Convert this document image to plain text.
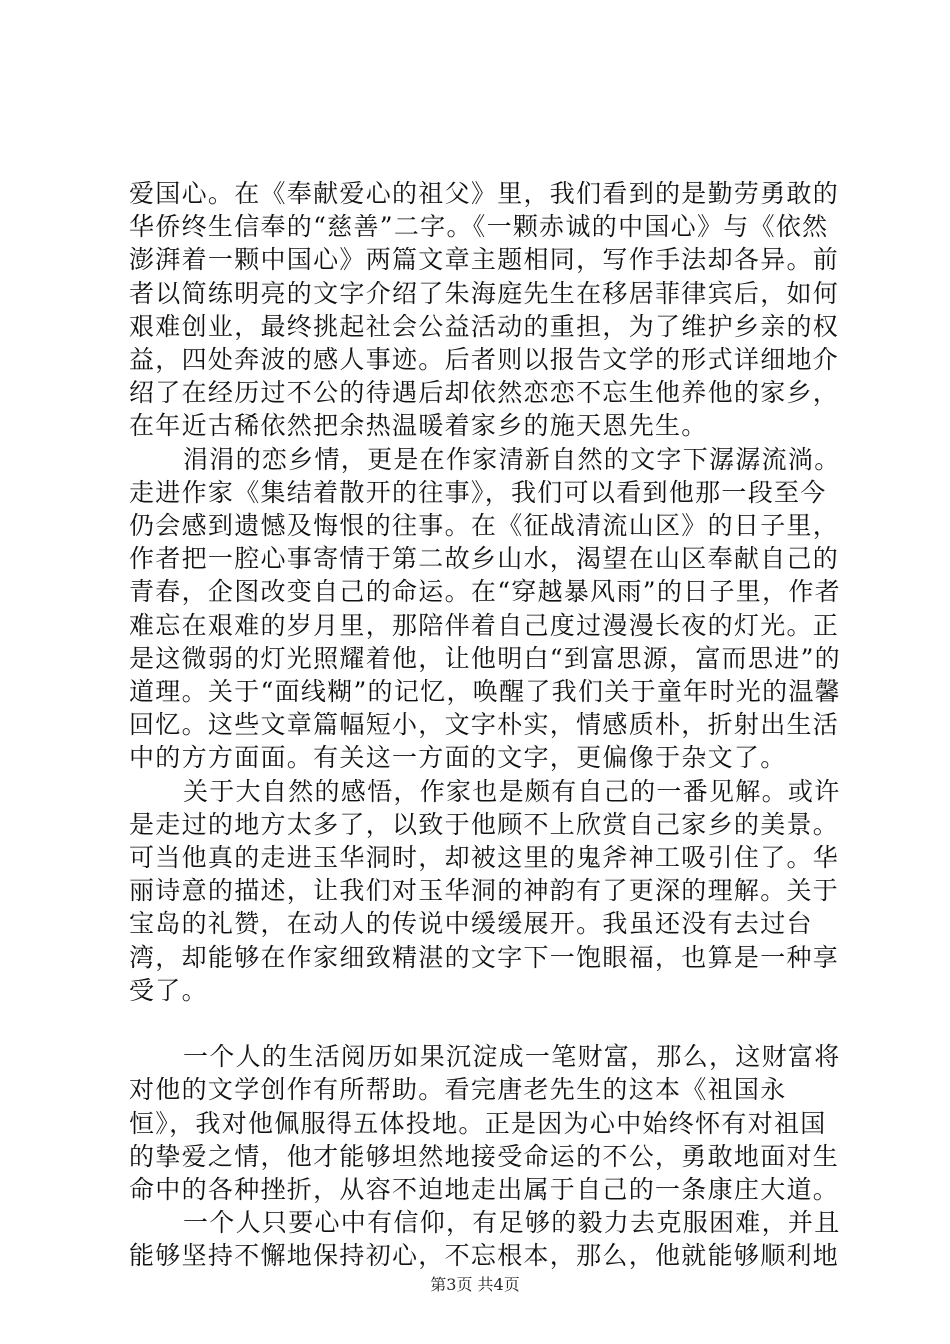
爱国心。在《奉献爱心的祖父》里，我们看到的是勤劳勇敢的华侨终生信奉的“慈善”二字。《一颗赤诚的中国心》与《依然澎湃着一颗中国心》两篇文章主题相同，写作手法却各异。前者以简练明亮的文字介绍了朱海庭先生在移居菲律宾后，如何艰难创业，最终挑起社会公益活动的重担，为了维护乡亲的权益，四处奔波的感人事迹。后者则以报告文学的形式详细地介绍了在经历过不公的待遇后却依然恋恋不忘生他养他的家乡，在年近古稀依然把余热温暖着家乡的施天恩先生。

涓涓的恋乡情，更是在作家清新自然的文字下潺潺流淌。走进作家《集结着散开的往事》，我们可以看到他那一段至今仍会感到遗憾及悔恨的往事。在《征战清流山区》的日子里，作者把一腔心事寄情于第二故乡山水，渴望在山区奉献自己的青春，企图改变自己的命运。在“穿越暴风雨”的日子里，作者难忘在艰难的岁月里，那陪伴着自己度过漫漫长夜的灯光。正是这微弱的灯光照耀着他，让他明白“到富思源，富而思进”的道理。关于“面线糊”的记忆，唤醒了我们关于童年时光的温馨回忆。这些文章篇幅短小，文字朴实，情感质朴，折射出生活中的方方面面。有关这一方面的文字，更偏像于杂文了。

关于大自然的感悟，作家也是颇有自己的一番见解。或许是走过的地方太多了，以致于他顾不上欣赏自己家乡的美景。可当他真的走进玉华洞时，却被这里的鬼斧神工吸引住了。华丽诗意的描述，让我们对玉华洞的神韵有了更深的理解。关于宝岛的礼赞，在动人的传说中缓缓展开。我虽还没有去过台湾，却能够在作家细致精湛的文字下一饱眼福，也算是一种享受了。

一个人的生活阅历如果沉淀成一笔财富，那么，这财富将对他的文学创作有所帮助。看完唐老先生的这本《祖国永恒》，我对他佩服得五体投地。正是因为心中始终怀有对祖国的挚爱之情，他才能够坦然地接受命运的不公，勇敢地面对生命中的各种挫折，从容不迫地走出属于自己的一条康庄大道。

一个人只要心中有信仰，有足够的毅力去克服困难，并且能够坚持不懈地保持初心，不忘根本，那么，他就能够顺利地

第3页 共4页
